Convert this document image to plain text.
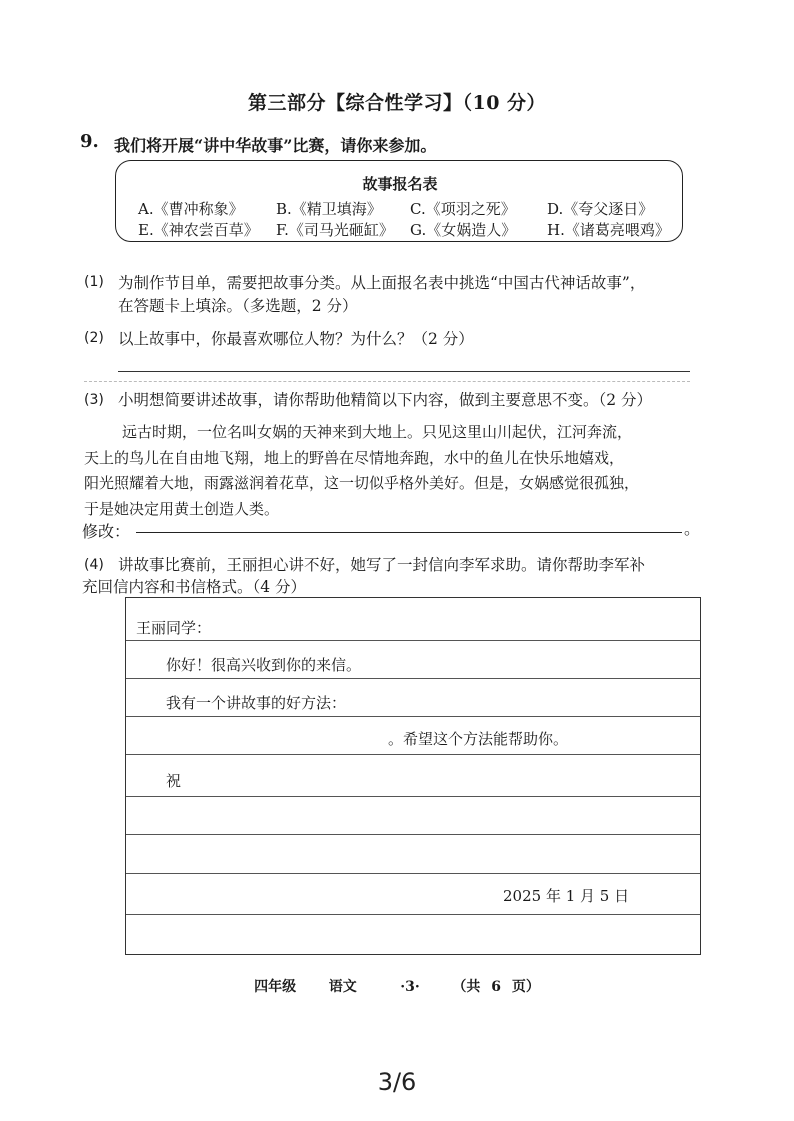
第三部分【综合性学习】（10 分）
9. 我们将开展“讲中华故事”比赛，请你来参加。
故事报名表
A.《曹冲称象》 B.《精卫填海》 C.《项羽之死》 D.《夸父逐日》
E.《神农尝百草》 F.《司马光砸缸》 G.《女娲造人》 H.《诸葛亮喂鸡》
(1) 为制作节目单，需要把故事分类。从上面报名表中挑选“中国古代神话故事”，
在答题卡上填涂。（多选题，2 分）
(2) 以上故事中，你最喜欢哪位人物？为什么？（2 分）
(3) 小明想简要讲述故事，请你帮助他精简以下内容，做到主要意思不变。（2 分）

远古时期，一位名叫女娲的天神来到大地上。只见这里山川起伏，江河奔流，

天上的鸟儿在自由地飞翔，地上的野兽在尽情地奔跑，水中的鱼儿在快乐地嬉戏，

阳光照耀着大地，雨露滋润着花草，这一切似乎格外美好。但是，女娲感觉很孤独，

于是她决定用黄土创造人类。

修改：	。
(4) 讲故事比赛前，王丽担心讲不好，她写了一封信向李军求助。请你帮助李军补
充回信内容和书信格式。（4 分）
王丽同学：
你好！很高兴收到你的来信。
我有一个讲故事的好方法：
。希望这个方法能帮助你。
祝
2025 年 1 月 5 日
四年级 语文	·3· （共 6 页）
3/6
